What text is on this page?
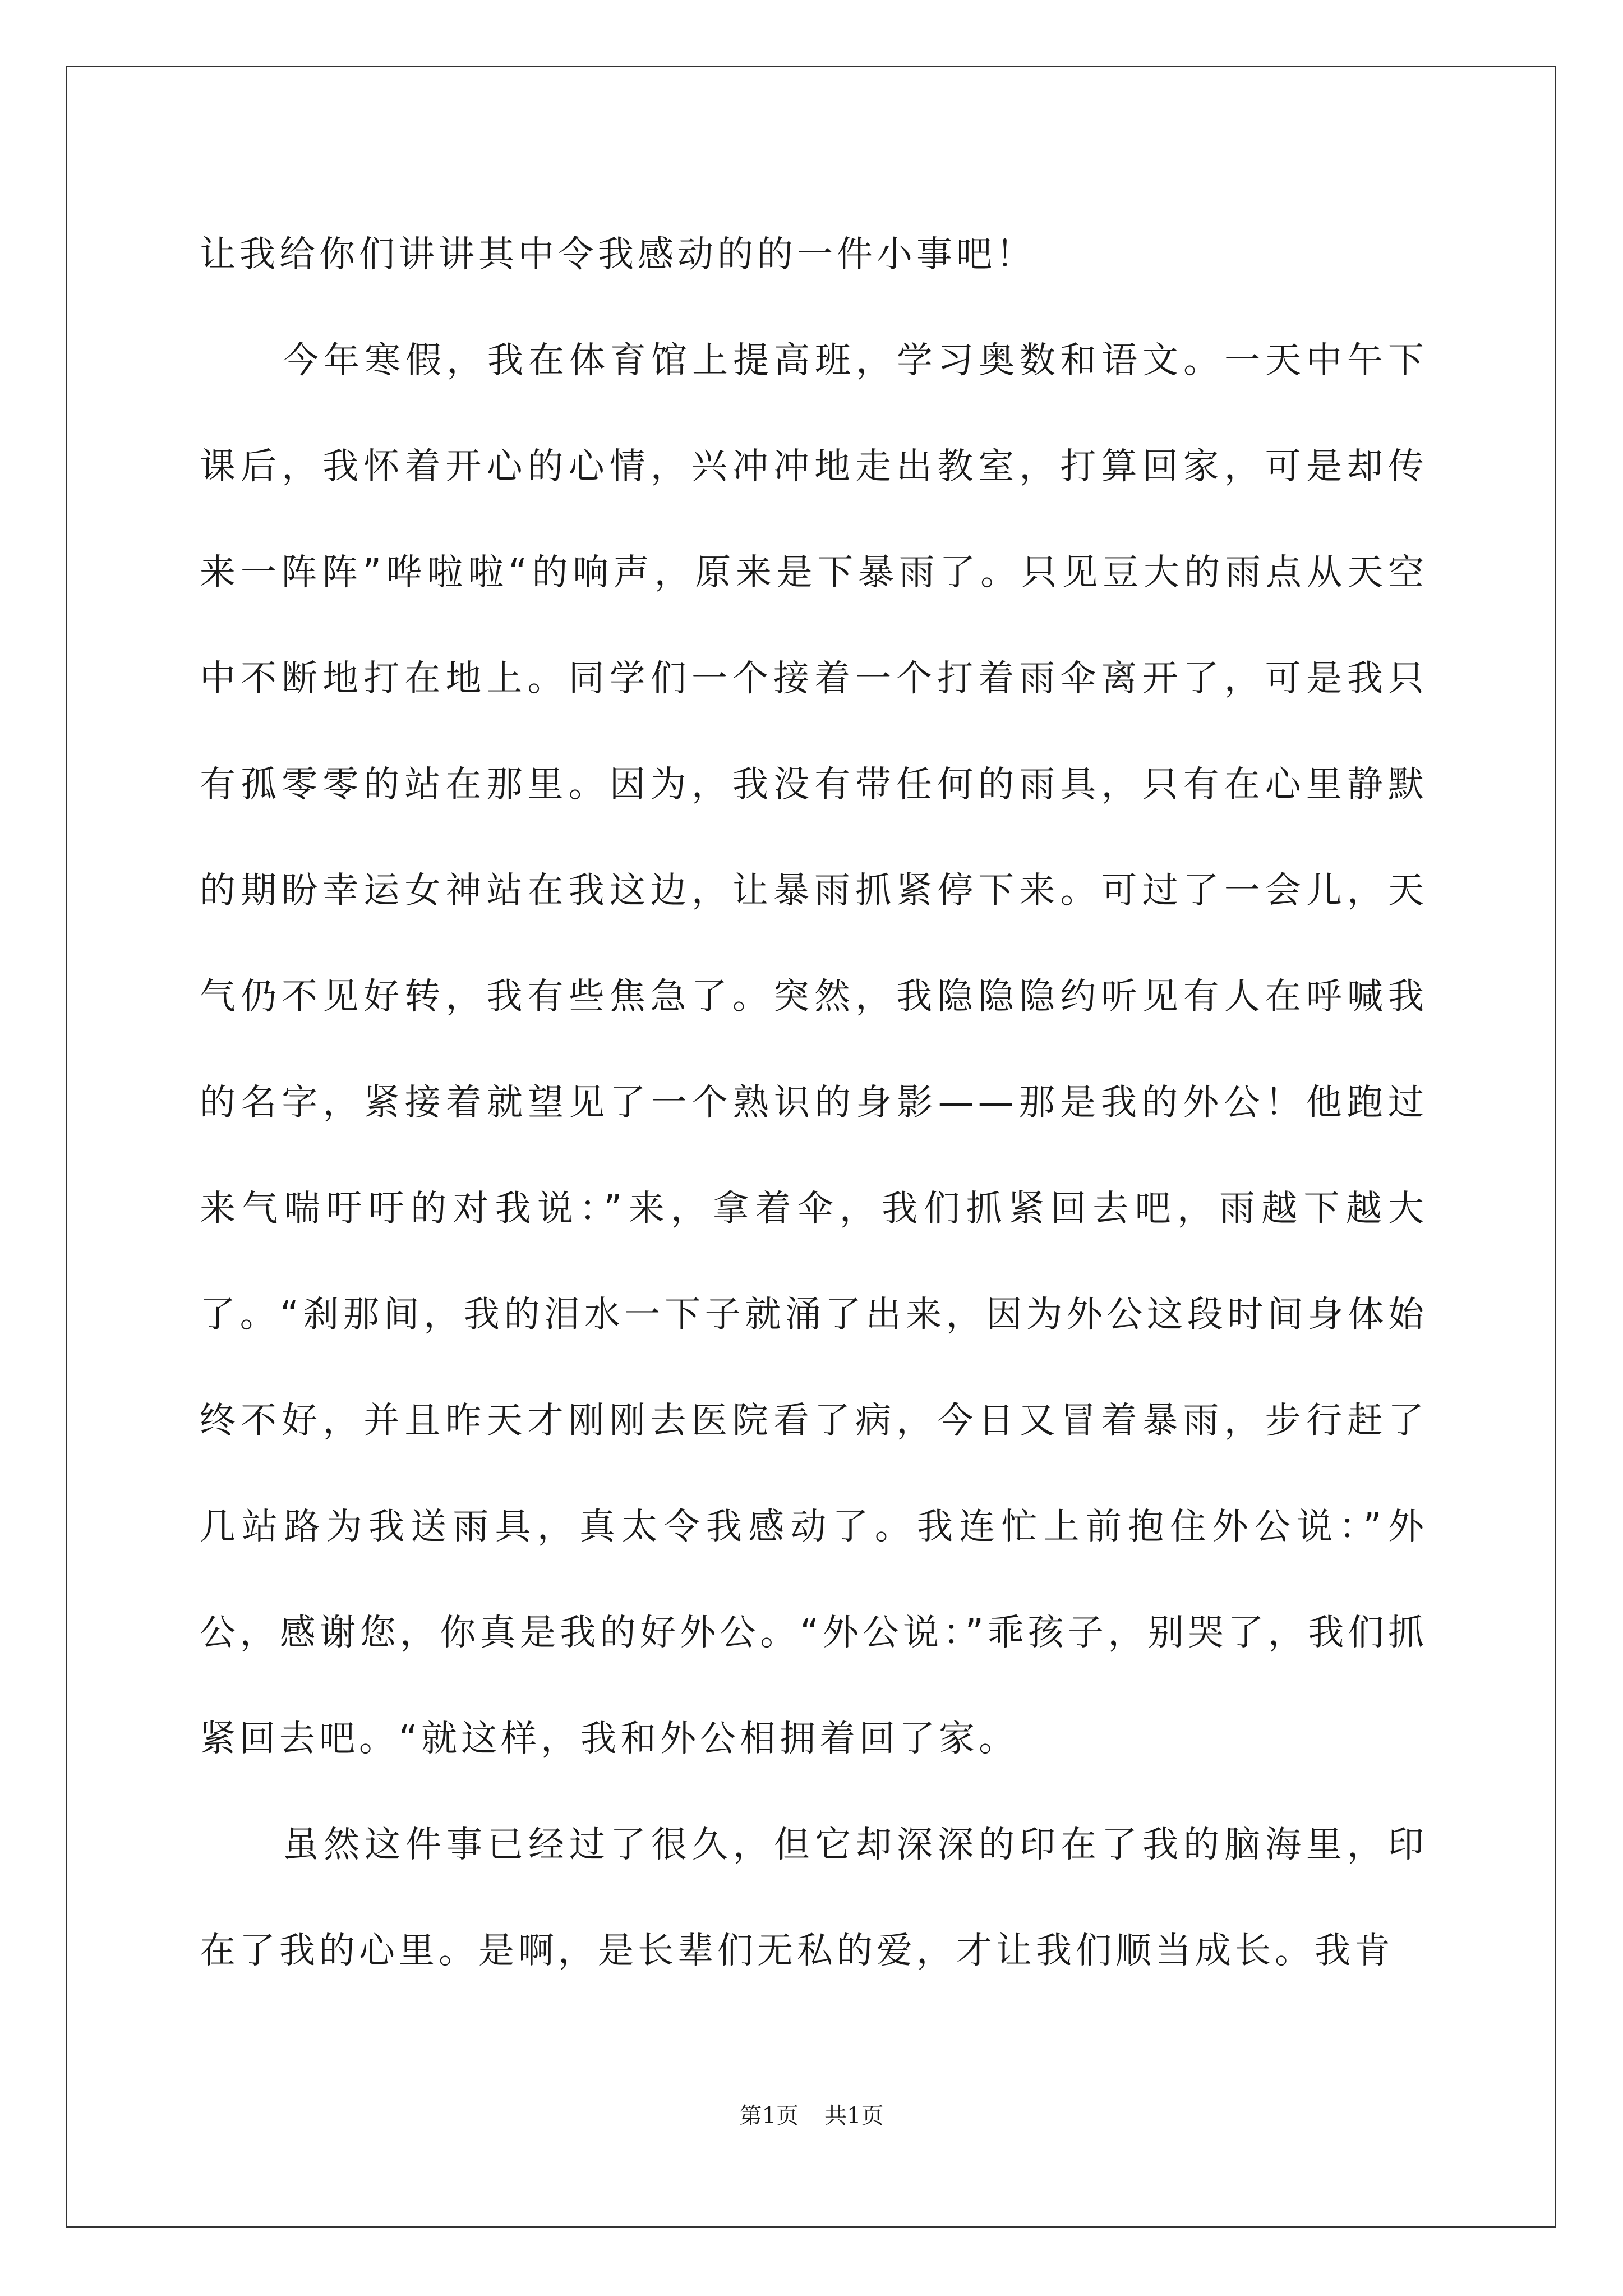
让我给你们讲讲其中令我感动的的一件小事吧！

今年寒假，我在体育馆上提高班，学习奥数和语文。一天中午下课后，我怀着开心的心情，兴冲冲地走出教室，打算回家，可是却传来一阵阵”哗啦啦“的响声，原来是下暴雨了。只见豆大的雨点从天空中不断地打在地上。同学们一个接着一个打着雨伞离开了，可是我只有孤零零的站在那里。因为，我没有带任何的雨具，只有在心里静默的期盼幸运女神站在我这边，让暴雨抓紧停下来。可过了一会儿，天气仍不见好转，我有些焦急了。突然，我隐隐隐约听见有人在呼喊我的名字，紧接着就望见了一个熟识的身影——那是我的外公！他跑过来气喘吁吁的对我说：”来，拿着伞，我们抓紧回去吧，雨越下越大了。“刹那间，我的泪水一下子就涌了出来，因为外公这段时间身体始终不好，并且昨天才刚刚去医院看了病，今日又冒着暴雨，步行赶了几站路为我送雨具，真太令我感动了。我连忙上前抱住外公说：”外公，感谢您，你真是我的好外公。“外公说：”乖孩子，别哭了，我们抓紧回去吧。“就这样，我和外公相拥着回了家。

虽然这件事已经过了很久，但它却深深的印在了我的脑海里，印在了我的心里。是啊，是长辈们无私的爱，才让我们顺当成长。我肯

第1页 共1页
